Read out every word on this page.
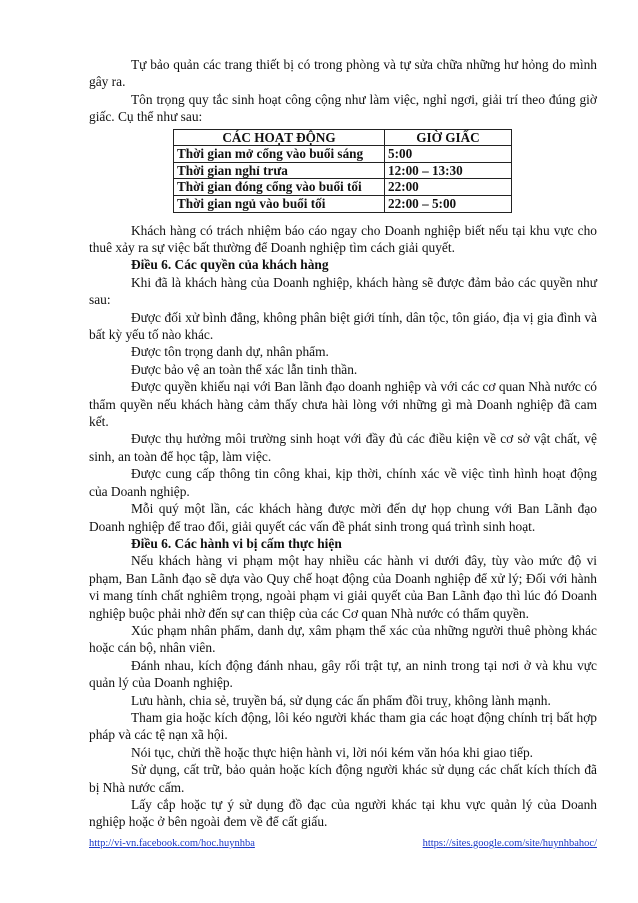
Tự bảo quản các trang thiết bị có trong phòng và tự sửa chữa những hư hỏng do mình gây ra.

Tôn trọng quy tắc sinh hoạt công cộng như làm việc, nghỉ ngơi, giải trí theo đúng giờ giấc. Cụ thể như sau:

CÁC HOẠT ĐỘNG	GIỜ GIẤC
Thời gian mở cổng vào buổi sáng	5:00
Thời gian nghỉ trưa	12:00 – 13:30
Thời gian đóng cổng vào buổi tối	22:00
Thời gian ngủ vào buổi tối	22:00 – 5:00

Khách hàng có trách nhiệm báo cáo ngay cho Doanh nghiệp biết nếu tại khu vực cho thuê xảy ra sự việc bất thường để Doanh nghiệp tìm cách giải quyết.

Điều 6. Các quyền của khách hàng

Khi đã là khách hàng của Doanh nghiệp, khách hàng sẽ được đảm bảo các quyền như sau:

Được đối xử bình đẳng, không phân biệt giới tính, dân tộc, tôn giáo, địa vị gia đình và bất kỳ yếu tố nào khác.

Được tôn trọng danh dự, nhân phẩm.

Được bảo vệ an toàn thể xác lẫn tinh thần.

Được quyền khiếu nại với Ban lãnh đạo doanh nghiệp và với các cơ quan Nhà nước có thẩm quyền nếu khách hàng cảm thấy chưa hài lòng với những gì mà Doanh nghiệp đã cam kết.

Được thụ hưởng môi trường sinh hoạt với đầy đủ các điều kiện về cơ sở vật chất, vệ sinh, an toàn để học tập, làm việc.

Được cung cấp thông tin công khai, kịp thời, chính xác về việc tình hình hoạt động của Doanh nghiệp.

Mỗi quý một lần, các khách hàng được mời đến dự họp chung với Ban Lãnh đạo Doanh nghiệp để trao đổi, giải quyết các vấn đề phát sinh trong quá trình sinh hoạt.

Điều 6. Các hành vi bị cấm thực hiện

Nếu khách hàng vi phạm một hay nhiều các hành vi dưới đây, tùy vào mức độ vi phạm, Ban Lãnh đạo sẽ dựa vào Quy chế hoạt động của Doanh nghiệp để xử lý; Đối với hành vi mang tính chất nghiêm trọng, ngoài phạm vi giải quyết của Ban Lãnh đạo thì lúc đó Doanh nghiệp buộc phải nhờ đến sự can thiệp của các Cơ quan Nhà nước có thẩm quyền.

Xúc phạm nhân phẩm, danh dự, xâm phạm thể xác của những người thuê phòng khác hoặc cán bộ, nhân viên.

Đánh nhau, kích động đánh nhau, gây rối trật tự, an ninh trong tại nơi ở và khu vực quản lý của Doanh nghiệp.

Lưu hành, chia sẻ, truyền bá, sử dụng các ấn phẩm đồi truỵ, không lành mạnh.

Tham gia hoặc kích động, lôi kéo người khác tham gia các hoạt động chính trị bất hợp pháp và các tệ nạn xã hội.

Nói tục, chửi thề hoặc thực hiện hành vi, lời nói kém văn hóa khi giao tiếp.

Sử dụng, cất trữ, bảo quản hoặc kích động người khác sử dụng các chất kích thích đã bị Nhà nước cấm.

Lấy cắp hoặc tự ý sử dụng đồ đạc của người khác tại khu vực quản lý của Doanh nghiệp hoặc ở bên ngoài đem về để cất giấu.

http://vi-vn.facebook.com/hoc.huynhba	https://sites.google.com/site/huynhbahoc/
